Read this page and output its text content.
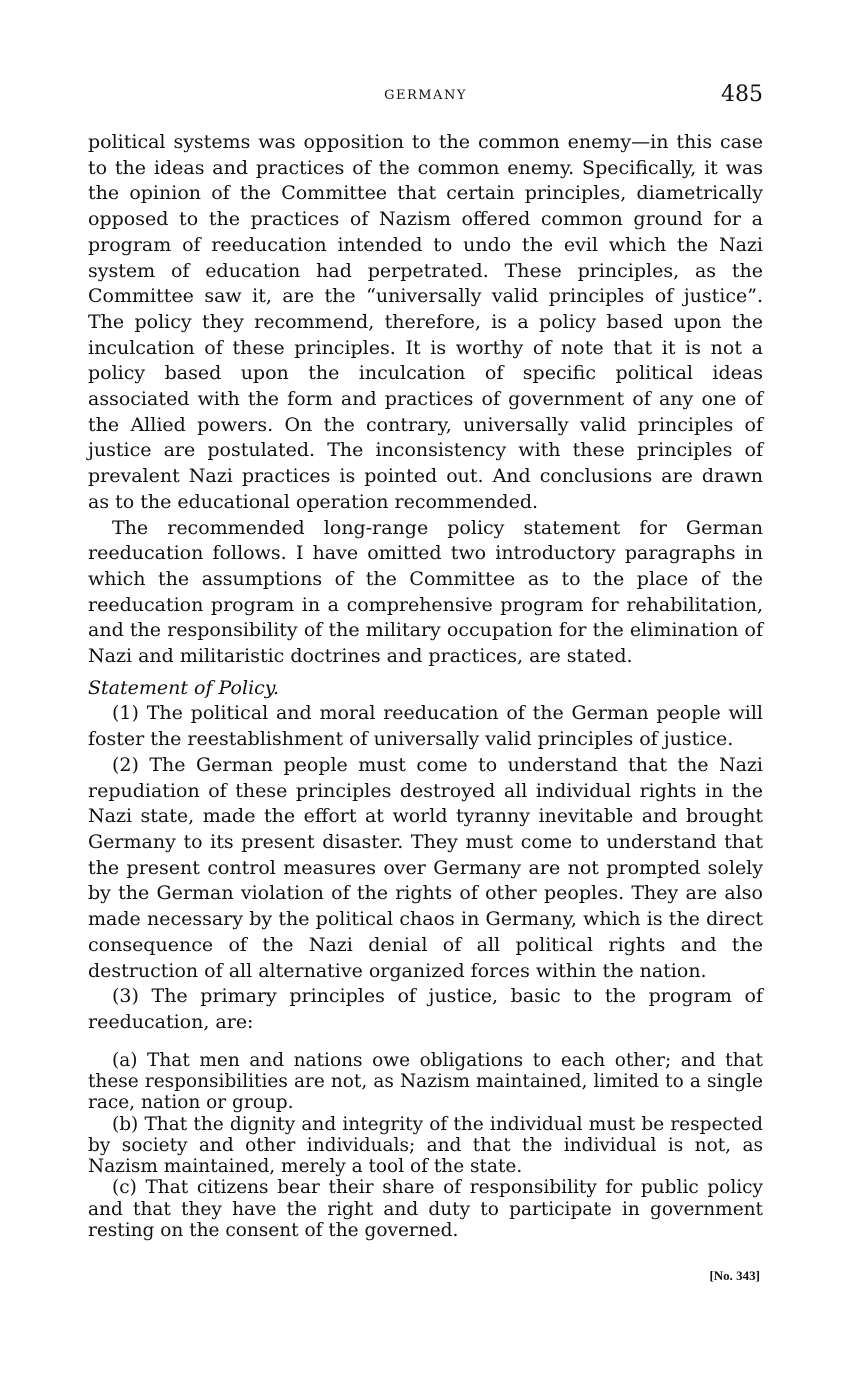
GERMANY	485

political systems was opposition to the common enemy—in this case to the ideas and practices of the common enemy. Specifically, it was the opinion of the Committee that certain principles, diametrically opposed to the practices of Nazism offered common ground for a program of reeducation intended to undo the evil which the Nazi system of education had perpetrated. These principles, as the Committee saw it, are the “universally valid principles of justice”. The policy they recommend, therefore, is a policy based upon the inculcation of these principles. It is worthy of note that it is not a policy based upon the inculcation of specific political ideas associated with the form and practices of government of any one of the Allied powers. On the contrary, universally valid principles of justice are postulated. The inconsistency with these principles of prevalent Nazi practices is pointed out. And conclusions are drawn as to the educational operation recommended.

The recommended long-range policy statement for German reeducation follows. I have omitted two introductory paragraphs in which the assumptions of the Committee as to the place of the reeducation program in a comprehensive program for rehabilitation, and the responsibility of the military occupation for the elimination of Nazi and militaristic doctrines and practices, are stated.

Statement of Policy.

(1) The political and moral reeducation of the German people will foster the reestablishment of universally valid principles of justice.

(2) The German people must come to understand that the Nazi repudiation of these principles destroyed all individual rights in the Nazi state, made the effort at world tyranny inevitable and brought Germany to its present disaster. They must come to understand that the present control measures over Germany are not prompted solely by the German violation of the rights of other peoples. They are also made necessary by the political chaos in Germany, which is the direct consequence of the Nazi denial of all political rights and the destruction of all alternative organized forces within the nation.

(3) The primary principles of justice, basic to the program of reeducation, are:

(a) That men and nations owe obligations to each other; and that these responsibilities are not, as Nazism maintained, limited to a single race, nation or group.

(b) That the dignity and integrity of the individual must be respected by society and other individuals; and that the individual is not, as Nazism maintained, merely a tool of the state.

(c) That citizens bear their share of responsibility for public policy and that they have the right and duty to participate in government resting on the consent of the governed.

[No. 343]
